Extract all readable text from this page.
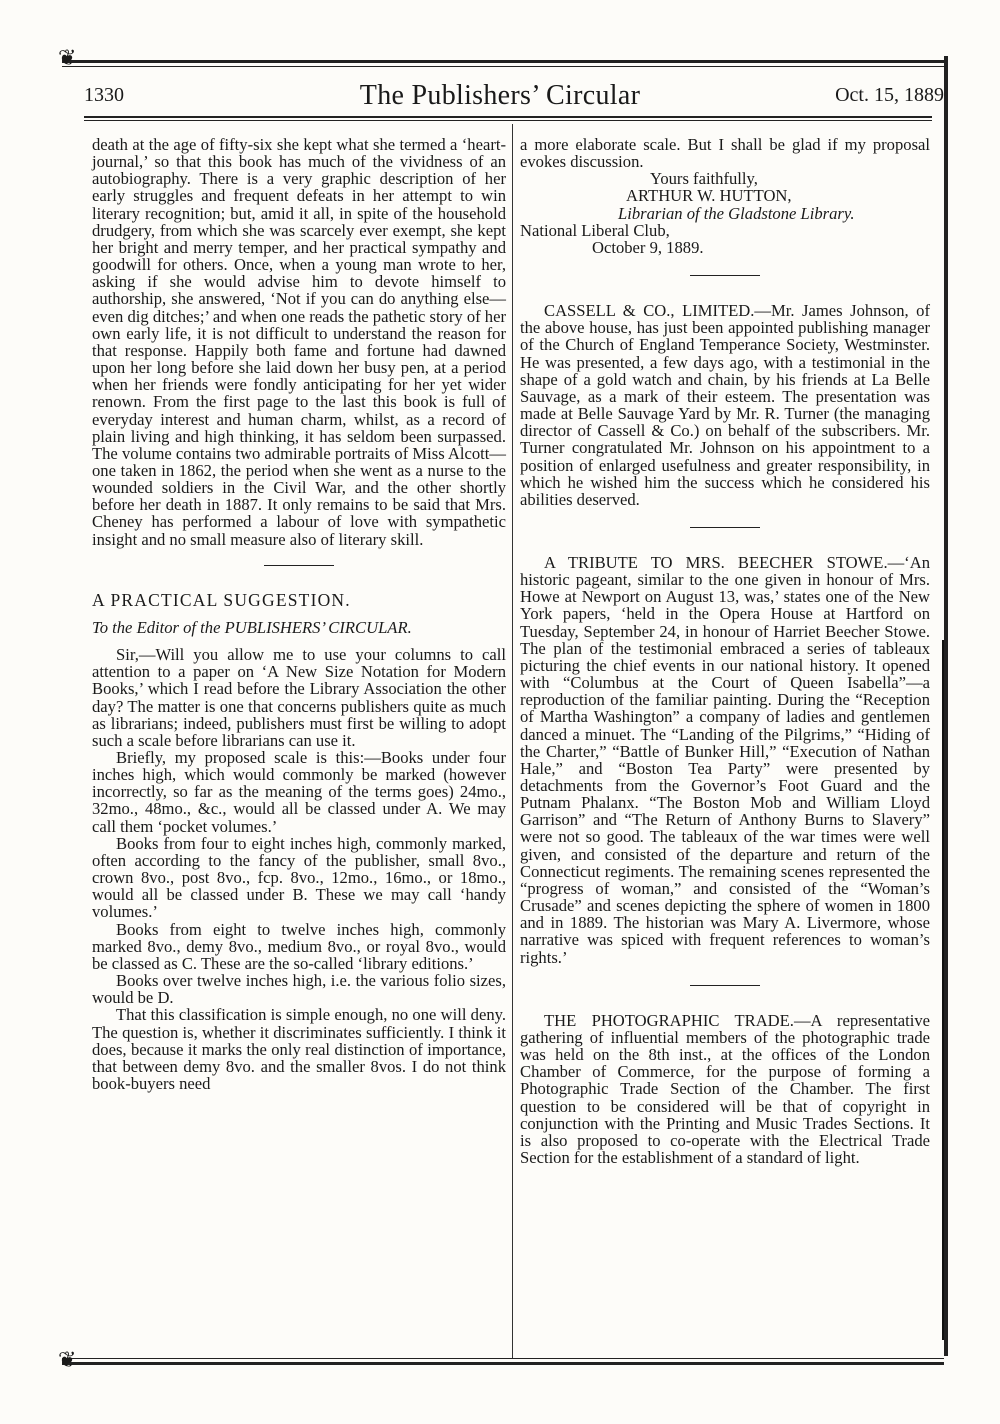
❦
1330	The Publishers’ Circular	Oct. 15, 1889

death at the age of fifty-six she kept what she termed a ‘heart-journal,’ so that this book has much of the vividness of an autobiography. There is a very graphic description of her early struggles and frequent defeats in her attempt to win literary recognition; but, amid it all, in spite of the household drudgery, from which she was scarcely ever exempt, she kept her bright and merry temper, and her practical sympathy and goodwill for others. Once, when a young man wrote to her, asking if she would advise him to devote himself to authorship, she answered, ‘Not if you can do anything else—even dig ditches;’ and when one reads the pathetic story of her own early life, it is not difficult to understand the reason for that response. Happily both fame and fortune had dawned upon her long before she laid down her busy pen, at a period when her friends were fondly anticipating for her yet wider renown. From the first page to the last this book is full of everyday interest and human charm, whilst, as a record of plain living and high thinking, it has seldom been surpassed. The volume contains two admirable portraits of Miss Alcott—one taken in 1862, the period when she went as a nurse to the wounded soldiers in the Civil War, and the other shortly before her death in 1887. It only remains to be said that Mrs. Cheney has performed a labour of love with sympathetic insight and no small measure also of literary skill.

A PRACTICAL SUGGESTION.

To the Editor of the PUBLISHERS’ CIRCULAR.

Sir,—Will you allow me to use your columns to call attention to a paper on ‘A New Size Notation for Modern Books,’ which I read before the Library Association the other day? The matter is one that concerns publishers quite as much as librarians; indeed, publishers must first be willing to adopt such a scale before librarians can use it.

Briefly, my proposed scale is this:—Books under four inches high, which would commonly be marked (however incorrectly, so far as the meaning of the terms goes) 24mo., 32mo., 48mo., &c., would all be classed under A. We may call them ‘pocket volumes.’

Books from four to eight inches high, commonly marked, often according to the fancy of the publisher, small 8vo., crown 8vo., post 8vo., fcp. 8vo., 12mo., 16mo., or 18mo., would all be classed under B. These we may call ‘handy volumes.’

Books from eight to twelve inches high, commonly marked 8vo., demy 8vo., medium 8vo., or royal 8vo., would be classed as C. These are the so-called ‘library editions.’

Books over twelve inches high, i.e. the various folio sizes, would be D.

That this classification is simple enough, no one will deny. The question is, whether it discriminates sufficiently. I think it does, because it marks the only real distinction of importance, that between demy 8vo. and the smaller 8vos. I do not think book-buyers need

a more elaborate scale. But I shall be glad if my proposal evokes discussion.

Yours faithfully,

ARTHUR W. HUTTON,

Librarian of the Gladstone Library.

National Liberal Club,

October 9, 1889.

CASSELL & CO., LIMITED.—Mr. James Johnson, of the above house, has just been appointed publishing manager of the Church of England Temperance Society, Westminster. He was presented, a few days ago, with a testimonial in the shape of a gold watch and chain, by his friends at La Belle Sauvage, as a mark of their esteem. The presentation was made at Belle Sauvage Yard by Mr. R. Turner (the managing director of Cassell & Co.) on behalf of the subscribers. Mr. Turner congratulated Mr. Johnson on his appointment to a position of enlarged usefulness and greater responsibility, in which he wished him the success which he considered his abilities deserved.

A TRIBUTE TO MRS. BEECHER STOWE.—‘An historic pageant, similar to the one given in honour of Mrs. Howe at Newport on August 13, was,’ states one of the New York papers, ‘held in the Opera House at Hartford on Tuesday, September 24, in honour of Harriet Beecher Stowe. The plan of the testimonial embraced a series of tableaux picturing the chief events in our national history. It opened with “Columbus at the Court of Queen Isabella”—a reproduction of the familiar painting. During the “Reception of Martha Washington” a company of ladies and gentlemen danced a minuet. The “Landing of the Pilgrims,” “Hiding of the Charter,” “Battle of Bunker Hill,” “Execution of Nathan Hale,” and “Boston Tea Party” were presented by detachments from the Governor’s Foot Guard and the Putnam Phalanx. “The Boston Mob and William Lloyd Garrison” and “The Return of Anthony Burns to Slavery” were not so good. The tableaux of the war times were well given, and consisted of the departure and return of the Connecticut regiments. The remaining scenes represented the “progress of woman,” and consisted of the “Woman’s Crusade” and scenes depicting the sphere of women in 1800 and in 1889. The historian was Mary A. Livermore, whose narrative was spiced with frequent references to woman’s rights.’

THE PHOTOGRAPHIC TRADE.—A representative gathering of influential members of the photographic trade was held on the 8th inst., at the offices of the London Chamber of Commerce, for the purpose of forming a Photographic Trade Section of the Chamber. The first question to be considered will be that of copyright in conjunction with the Printing and Music Trades Sections. It is also proposed to co-operate with the Electrical Trade Section for the establishment of a standard of light.

❦
